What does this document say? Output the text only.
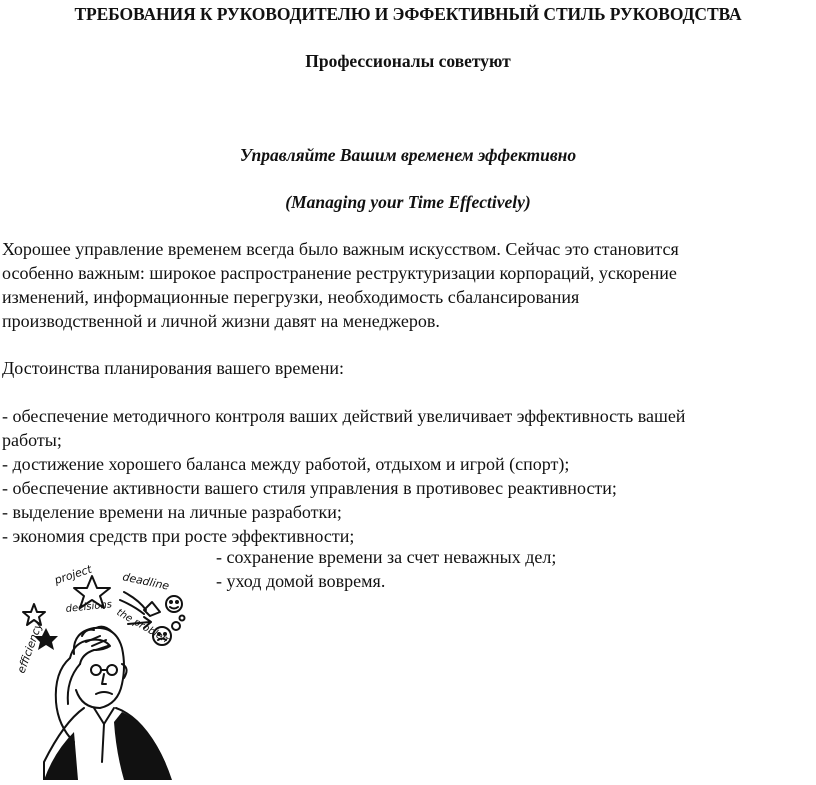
ТРЕБОВАНИЯ К РУКОВОДИТЕЛЮ И ЭФФЕКТИВНЫЙ СТИЛЬ РУКОВОДСТВА
Профессионалы советуют
Управляйте Вашим временем эффективно
(Managing your Time Effectively)
Хорошее управление временем всегда было важным искусством. Сейчас это становится
особенно важным: широкое распространение реструктуризации корпораций, ускорение
изменений, информационные перегрузки, необходимость сбалансирования
производственной и личной жизни давят на менеджеров.
Достоинства планирования вашего времени:
- обеспечение методичного контроля ваших действий увеличивает эффективность вашей
работы;
- достижение хорошего баланса между работой, отдыхом и игрой (спорт);
- обеспечение активности вашего стиля управления в противовес реактивности;
- выделение времени на личные разработки;
- экономия средств при росте эффективности;
- сохранение времени за счет неважных дел;
- уход домой вовремя.
project	deadline
decisions the problem
efficiency
